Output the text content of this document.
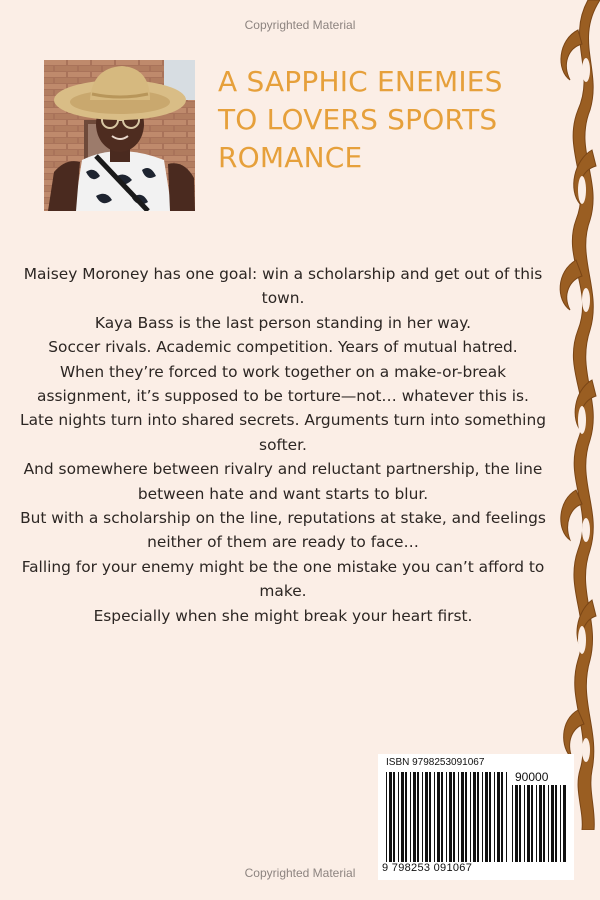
Copyrighted Material
A SAPPHIC ENEMIES
TO LOVERS SPORTS
ROMANCE

Maisey Moroney has one goal: win a scholarship and get out of this town.

Kaya Bass is the last person standing in her way.

Soccer rivals. Academic competition. Years of mutual hatred.

When they’re forced to work together on a make-or-break assignment, it’s supposed to be torture—not… whatever this is.

Late nights turn into shared secrets. Arguments turn into something softer.

And somewhere between rivalry and reluctant partnership, the line between hate and want starts to blur.

But with a scholarship on the line, reputations at stake, and feelings neither of them are ready to face…

Falling for your enemy might be the one mistake you can’t afford to make.

Especially when she might break your heart first.

ISBN 9798253091067
90000
9 798253 091067
Copyrighted Material
